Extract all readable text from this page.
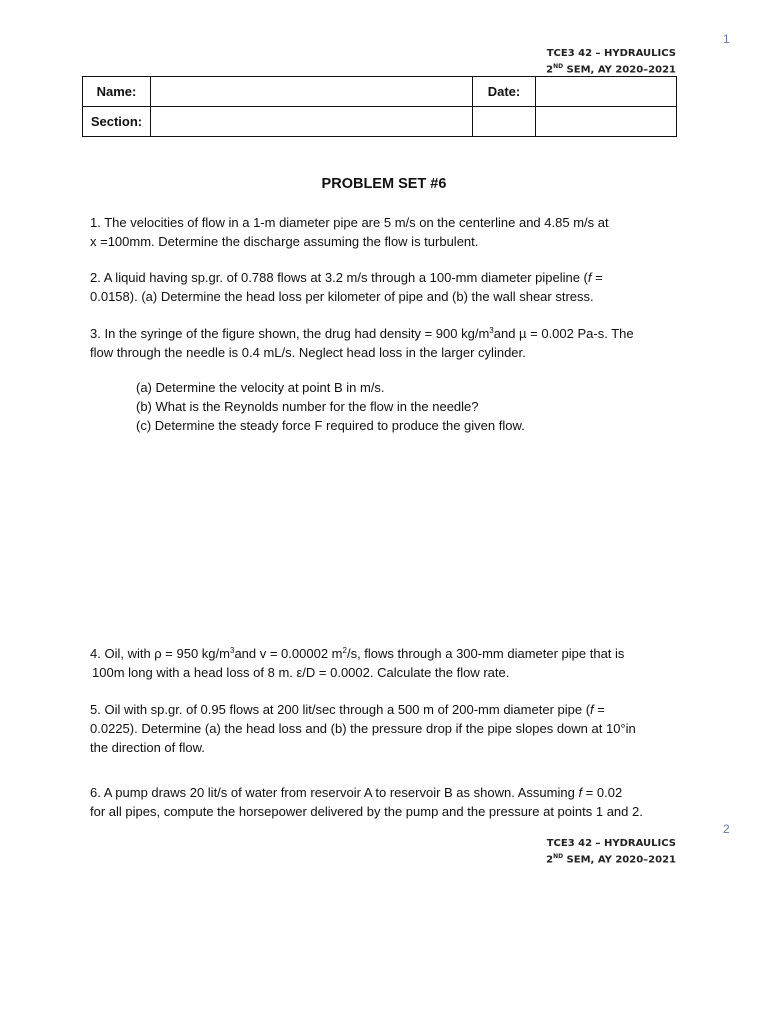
1
TCE3 42 – HYDRAULICS
2ND SEM, AY 2020–2021
Name:		Date:	
Section:			
PROBLEM SET #6
1. The velocities of flow in a 1-m diameter pipe are 5 m/s on the centerline and 4.85 m/s at
x =100mm. Determine the discharge assuming the flow is turbulent.
2. A liquid having sp.gr. of 0.788 flows at 3.2 m/s through a 100-mm diameter pipeline (f =
0.0158). (a) Determine the head loss per kilometer of pipe and (b) the wall shear stress.
3. In the syringe of the figure shown, the drug had density = 900 $kg/m^3and$ µ = 0.002 Pa-s. The
flow through the needle is 0.4 mL/s. Neglect head loss in the larger cylinder.
(a) Determine the velocity at point B in m/s.
(b) What is the Reynolds number for the flow in the needle?
(c) Determine the steady force F required to produce the given flow.
4. Oil, with ρ = 950 $kg/m^3and$ v = 0.00002 $m^2/s$, flows through a 300-mm diameter pipe that is
100m long with a head loss of 8 m. ε/D = 0.0002. Calculate the flow rate.
5. Oil with sp.gr. of 0.95 flows at 200 lit/sec through a 500 m of 200-mm diameter pipe (f =
0.0225). Determine (a) the head loss and (b) the pressure drop if the pipe slopes down at 10°in
the direction of flow.
6. A pump draws 20 lit/s of water from reservoir A to reservoir B as shown. Assuming f = 0.02
for all pipes, compute the horsepower delivered by the pump and the pressure at points 1 and 2.
2
TCE3 42 – HYDRAULICS
2ND SEM, AY 2020–2021
